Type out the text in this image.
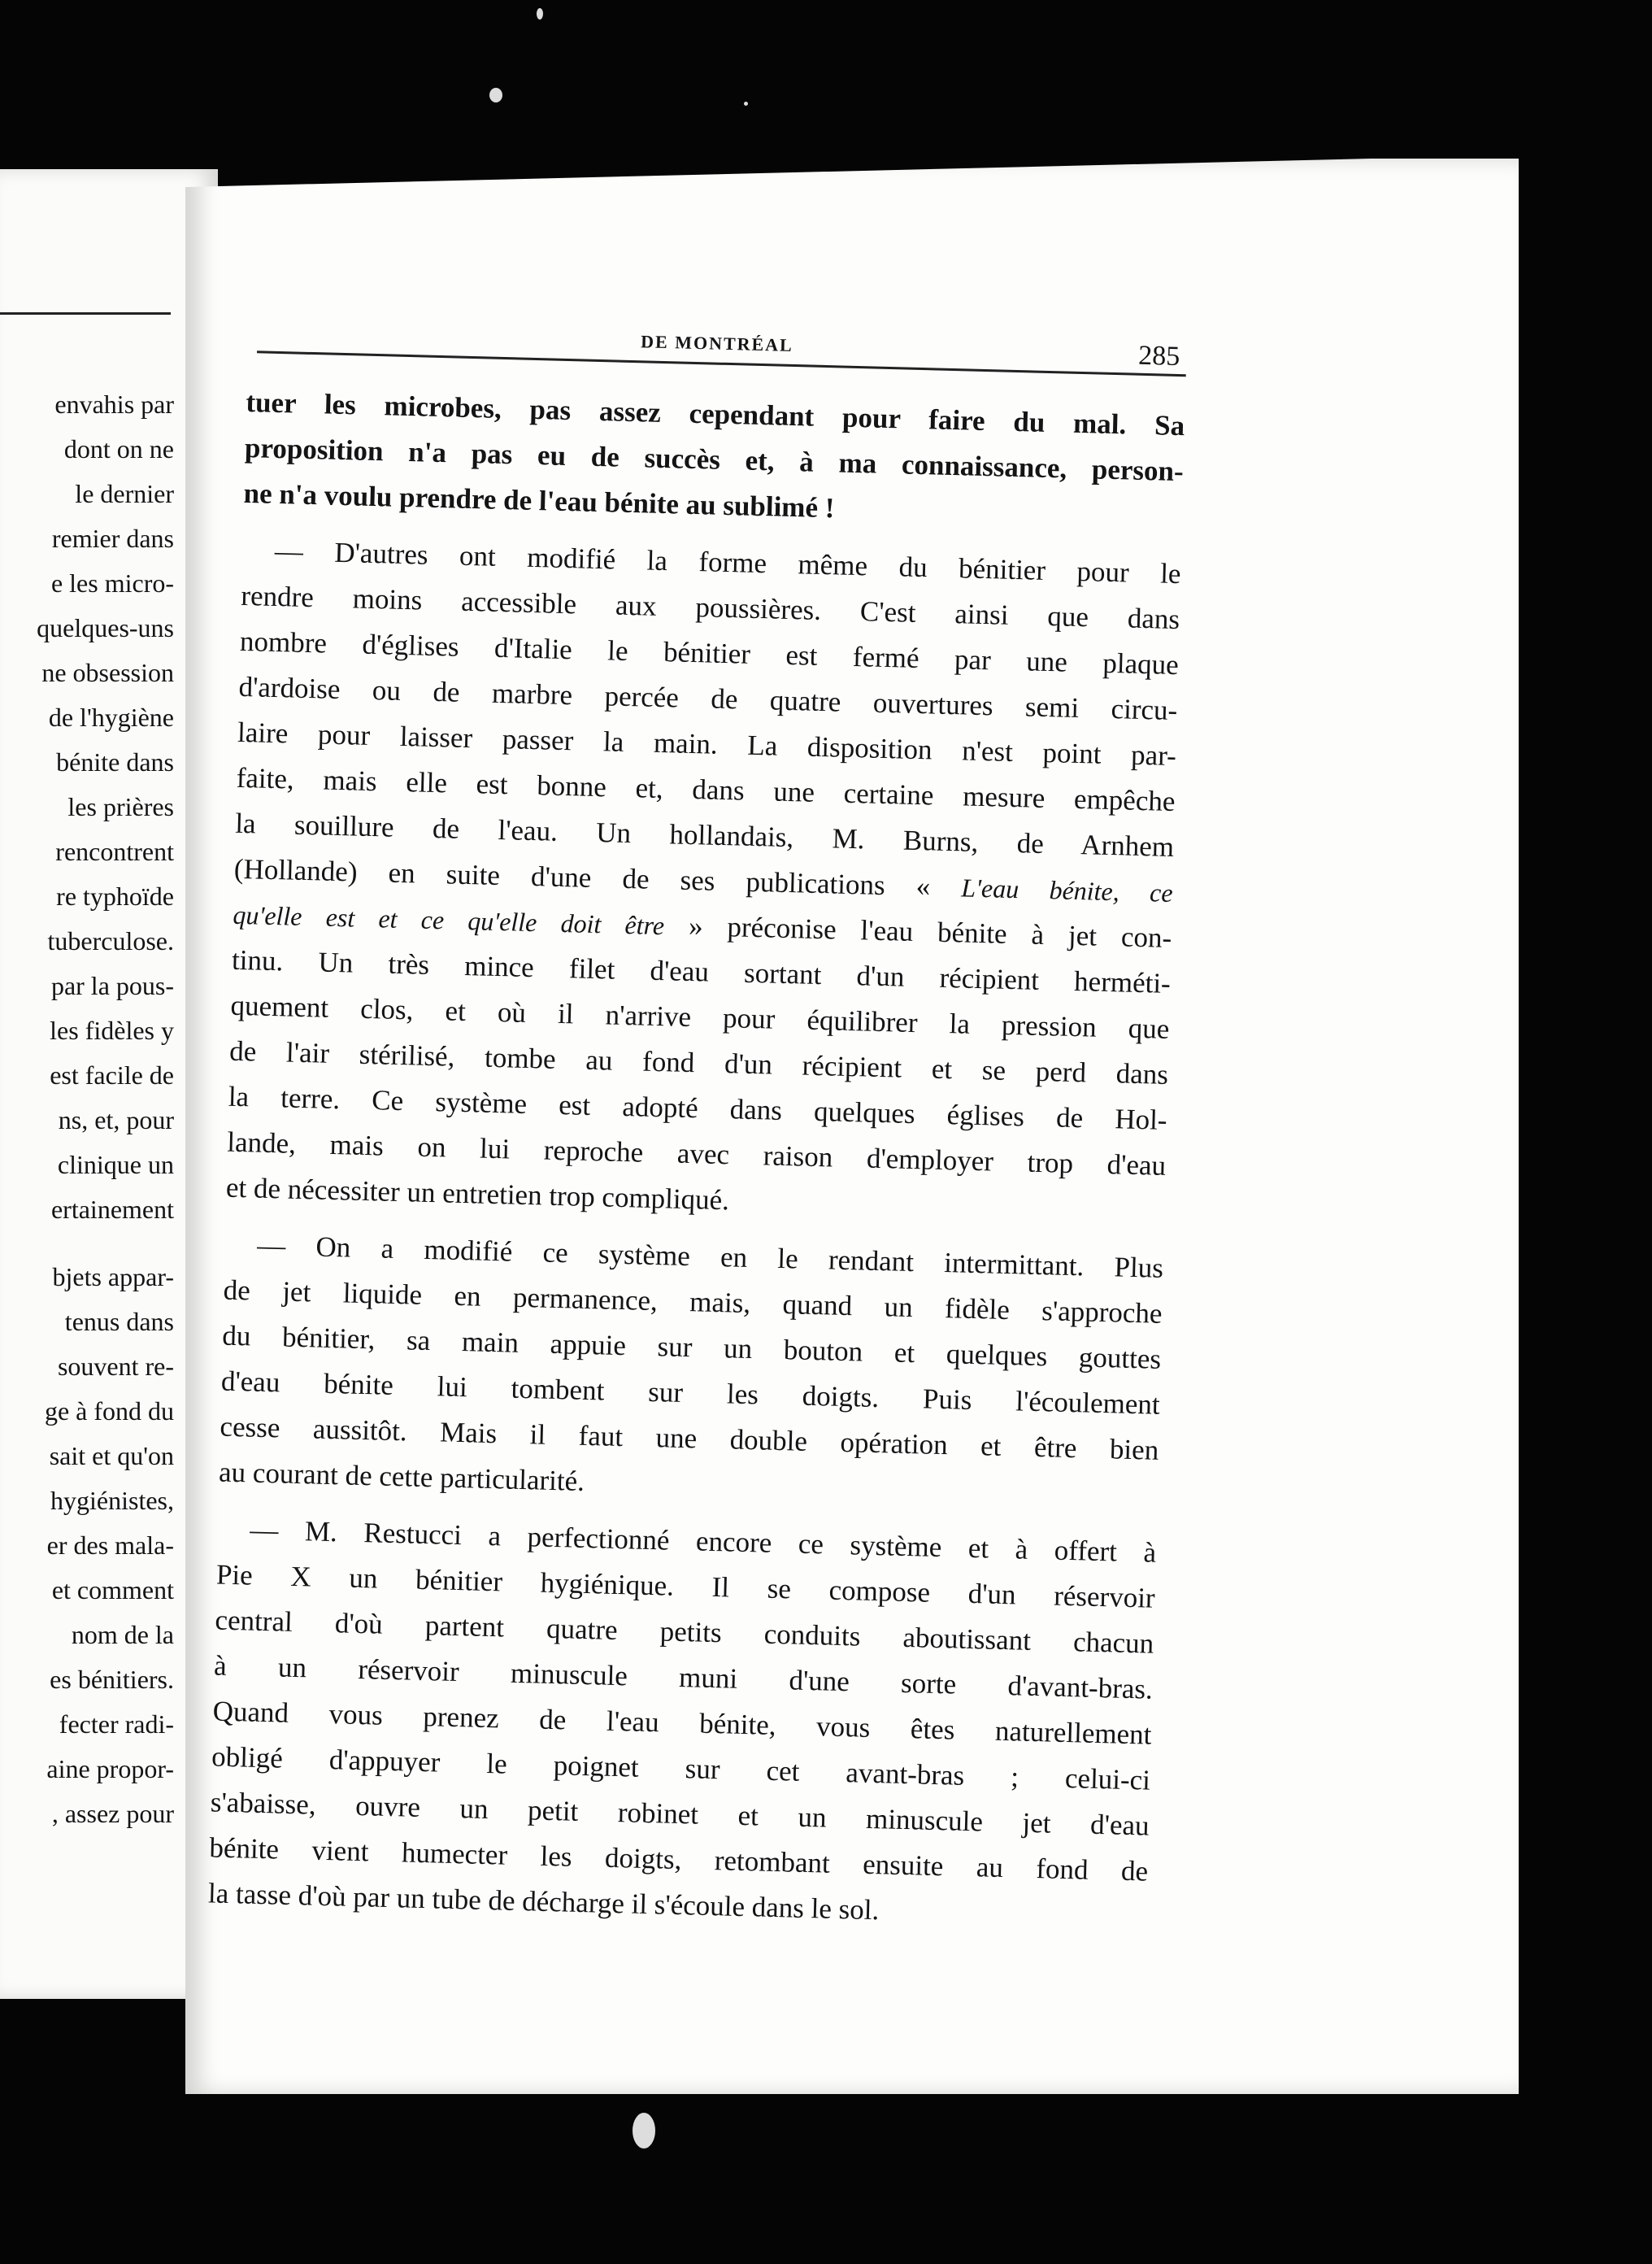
envahis par
dont on ne
le dernier
remier dans
e les micro-
quelques-uns
ne obsession
de l'hygiène
bénite dans
les prières
rencontrent
re typhoïde
tuberculose.
par la pous-
les fidèles y
est facile de
ns, et, pour
clinique un
ertainement
bjets appar-
tenus dans
souvent re-
ge à fond du
sait et qu'on
hygiénistes,
er des mala-
et comment
nom de la
es bénitiers.
fecter radi-
aine propor-
, assez pour
DE MONTRÉAL	285
tuer les microbes, pas assez cependant pour faire du mal. Sa
proposition n'a pas eu de succès et, à ma connaissance, person-
ne n'a voulu prendre de l'eau bénite au sublimé !
— D'autres ont modifié la forme même du bénitier pour le
rendre moins accessible aux poussières. C'est ainsi que dans
nombre d'églises d'Italie le bénitier est fermé par une plaque
d'ardoise ou de marbre percée de quatre ouvertures semi circu-
laire pour laisser passer la main. La disposition n'est point par-
faite, mais elle est bonne et, dans une certaine mesure empêche
la souillure de l'eau. Un hollandais, M. Burns, de Arnhem
(Hollande) en suite d'une de ses publications « L'eau bénite, ce
qu'elle est et ce qu'elle doit être » préconise l'eau bénite à jet con-
tinu. Un très mince filet d'eau sortant d'un récipient herméti-
quement clos, et où il n'arrive pour équilibrer la pression que
de l'air stérilisé, tombe au fond d'un récipient et se perd dans
la terre. Ce système est adopté dans quelques églises de Hol-
lande, mais on lui reproche avec raison d'employer trop d'eau
et de nécessiter un entretien trop compliqué.
— On a modifié ce système en le rendant intermittant. Plus
de jet liquide en permanence, mais, quand un fidèle s'approche
du bénitier, sa main appuie sur un bouton et quelques gouttes
d'eau bénite lui tombent sur les doigts. Puis l'écoulement
cesse aussitôt. Mais il faut une double opération et être bien
au courant de cette particularité.
— M. Restucci a perfectionné encore ce système et à offert à
Pie X un bénitier hygiénique. Il se compose d'un réservoir
central d'où partent quatre petits conduits aboutissant chacun
à un réservoir minuscule muni d'une sorte d'avant-bras.
Quand vous prenez de l'eau bénite, vous êtes naturellement
obligé d'appuyer le poignet sur cet avant-bras ; celui-ci
s'abaisse, ouvre un petit robinet et un minuscule jet d'eau
bénite vient humecter les doigts, retombant ensuite au fond de
la tasse d'où par un tube de décharge il s'écoule dans le sol.
